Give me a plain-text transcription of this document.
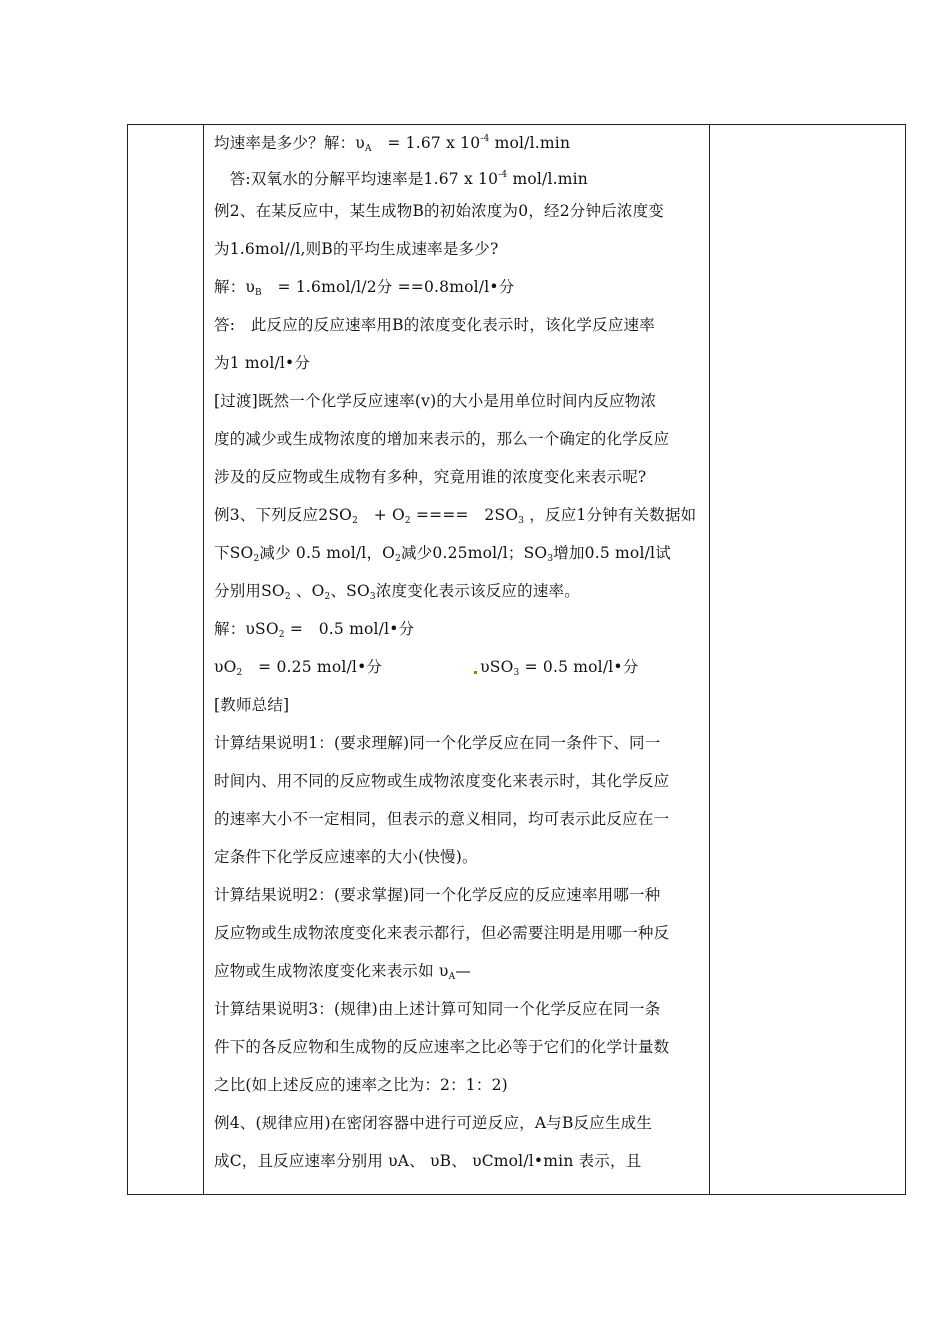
均速率是多少？解：$\upsilon_A$　= 1.67 x $10^{-4}$ mol/l.min
　答:双氧水的分解平均速率是1.67 x $10^{-4}$ mol/l.min
例2、在某反应中，某生成物B的初始浓度为0，经2分钟后浓度变
为1.6mol//l,则B的平均生成速率是多少?
解：$\upsilon_B$　= 1.6mol/l/2分 ==0.8mol/l•分
答:　此反应的反应速率用B的浓度变化表示时，该化学反应速率
为1 mol/l•分
[过渡]既然一个化学反应速率(v)的大小是用单位时间内反应物浓
度的减少或生成物浓度的增加来表示的，那么一个确定的化学反应
涉及的反应物或生成物有多种，究竟用谁的浓度变化来表示呢?
例3、下列反应$2SO_2$　+ $O_2$ ====　$2SO_3$ ，反应1分钟有关数据如
下$SO_2$减少 0.5 mol/l，$O_2$减少0.25mol/l；$SO_3$增加0.5 mol/l试
分别用$SO_2$ 、$O_2$、$SO_3$浓度变化表示该反应的速率。
解：υSO$_2$ =　0.5 mol/l•分
$\upsilon O_2$　= 0.25 mol/l•分	υSO$_3$ = 0.5 mol/l•分
[教师总结]
计算结果说明1：(要求理解)同一个化学反应在同一条件下、同一
时间内、用不同的反应物或生成物浓度变化来表示时，其化学反应
的速率大小不一定相同，但表示的意义相同，均可表示此反应在一
定条件下化学反应速率的大小(快慢)。
计算结果说明2：(要求掌握)同一个化学反应的反应速率用哪一种
反应物或生成物浓度变化来表示都行，但必需要注明是用哪一种反
应物或生成物浓度变化来表示如 $\upsilon_A—$
计算结果说明3：(规律)由上述计算可知同一个化学反应在同一条
件下的各反应物和生成物的反应速率之比必等于它们的化学计量数
之比(如上述反应的速率之比为：2：1：2)
例4、(规律应用)在密闭容器中进行可逆反应，A与B反应生成生
成C，且反应速率分别用 υA、 υB、 υCmol/l•min 表示，且
